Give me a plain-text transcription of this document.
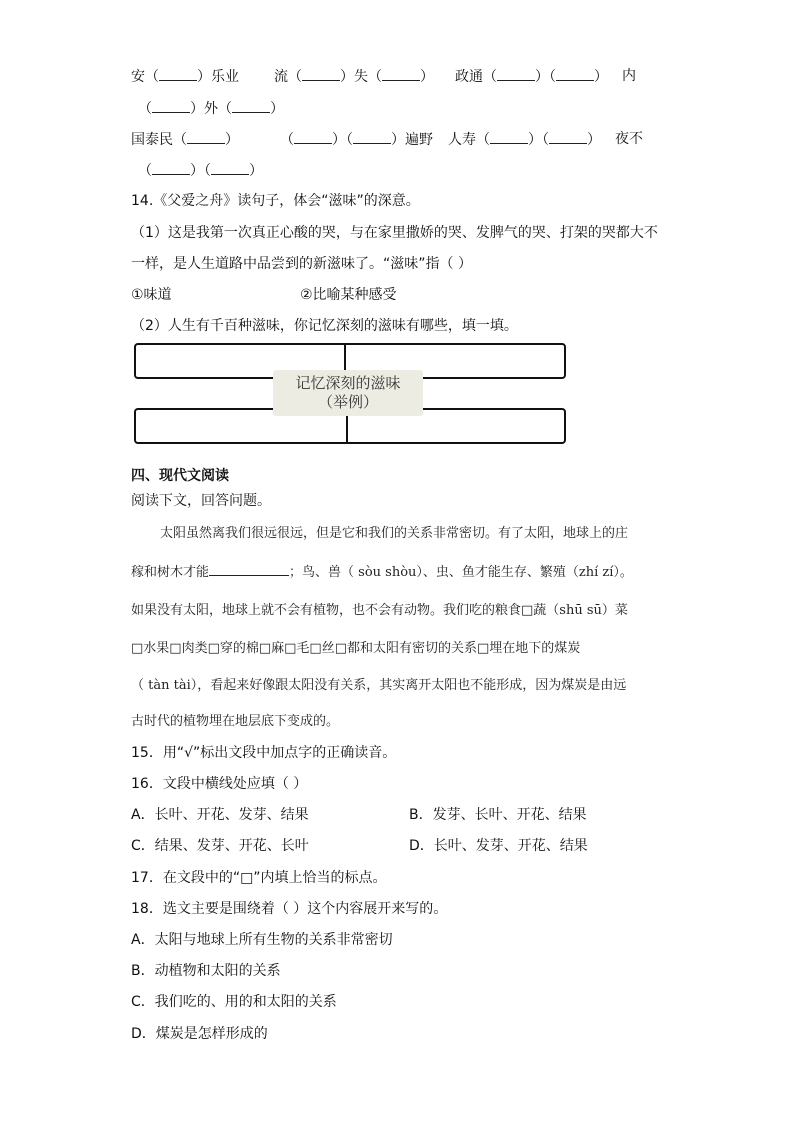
安（	）乐业	流（	）失（	） 政通（	）（	） 内
（	）外（	）
国泰民（	）	（	）（	）遍野 人寿（	）（	） 夜不
（	）（	）
14.《父爱之舟》读句子，体会“滋味”的深意。
（1）这是我第一次真正心酸的哭，与在家里撒娇的哭、发脾气的哭、打架的哭都大不
一样，是人生道路中品尝到的新滋味了。“滋味”指（ ）
①味道	②比喻某种感受
（2）人生有千百种滋味，你记忆深刻的滋味有哪些，填一填。
记忆深刻的滋味
（举例）
四、现代文阅读
阅读下文，回答问题。
太阳虽然离我们很远很远，但是它和我们的关系非常密切。有了太阳，地球上的庄
稼和树木才能	；鸟、兽（ sòu shòu）、虫、鱼才能生存、繁殖（zhí zí）。
如果没有太阳，地球上就不会有植物，也不会有动物。我们吃的粮食□蔬（shū sū）菜
□水果□肉类□穿的棉□麻□毛□丝□都和太阳有密切的关系□埋在地下的煤炭
（ tàn tài），看起来好像跟太阳没有关系，其实离开太阳也不能形成，因为煤炭是由远
古时代的植物埋在地层底下变成的。
15．用“√”标出文段中加点字的正确读音。
16．文段中横线处应填（ ）
A．长叶、开花、发芽、结果	B．发芽、长叶、开花、结果
C．结果、发芽、开花、长叶	D．长叶、发芽、开花、结果
17．在文段中的“□”内填上恰当的标点。
18．选文主要是围绕着（ ）这个内容展开来写的。
A．太阳与地球上所有生物的关系非常密切
B．动植物和太阳的关系
C．我们吃的、用的和太阳的关系
D．煤炭是怎样形成的
